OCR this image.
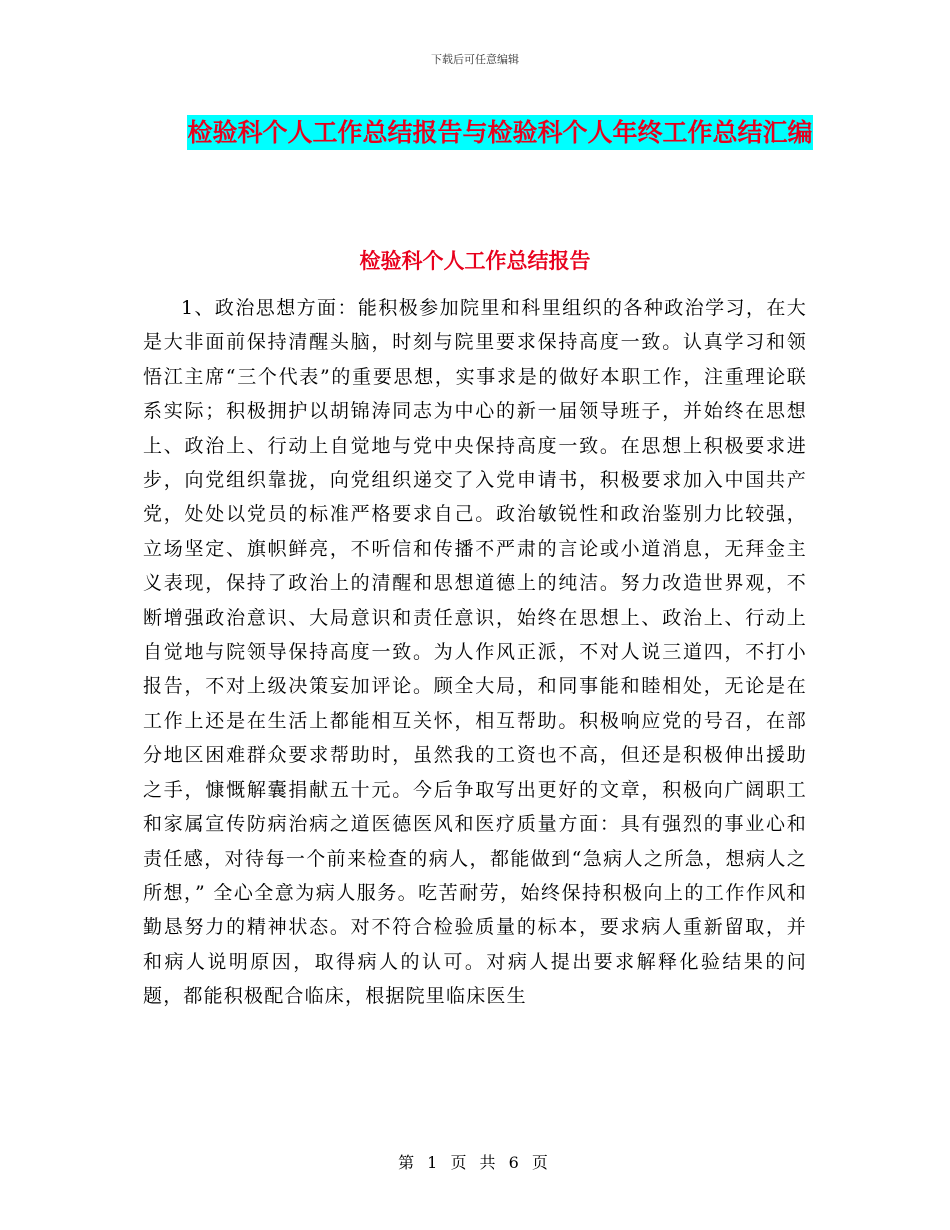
下载后可任意编辑
检验科个人工作总结报告与检验科个人年终工作总结汇编
检验科个人工作总结报告

1、政治思想方面：能积极参加院里和科里组织的各种政治学习，在大是大非面前保持清醒头脑，时刻与院里要求保持高度一致。认真学习和领悟江主席“三个代表”的重要思想，实事求是的做好本职工作，注重理论联系实际；积极拥护以胡锦涛同志为中心的新一届领导班子，并始终在思想上、政治上、行动上自觉地与党中央保持高度一致。在思想上积极要求进步，向党组织靠拢，向党组织递交了入党申请书，积极要求加入中国共产党，处处以党员的标准严格要求自己。政治敏锐性和政治鉴别力比较强，立场坚定、旗帜鲜亮，不听信和传播不严肃的言论或小道消息，无拜金主义表现，保持了政治上的清醒和思想道德上的纯洁。努力改造世界观，不断增强政治意识、大局意识和责任意识，始终在思想上、政治上、行动上自觉地与院领导保持高度一致。为人作风正派，不对人说三道四，不打小报告，不对上级决策妄加评论。顾全大局，和同事能和睦相处，无论是在工作上还是在生活上都能相互关怀，相互帮助。积极响应党的号召，在部分地区困难群众要求帮助时，虽然我的工资也不高，但还是积极伸出援助之手，慷慨解囊捐献五十元。今后争取写出更好的文章，积极向广阔职工和家属宣传防病治病之道医德医风和医疗质量方面：具有强烈的事业心和责任感，对待每一个前来检查的病人，都能做到“急病人之所急，想病人之所想，” 全心全意为病人服务。吃苦耐劳，始终保持积极向上的工作作风和勤恳努力的精神状态。对不符合检验质量的标本，要求病人重新留取，并和病人说明原因，取得病人的认可。对病人提出要求解释化验结果的问题，都能积极配合临床，根据院里临床医生

第 1 页 共 6 页
